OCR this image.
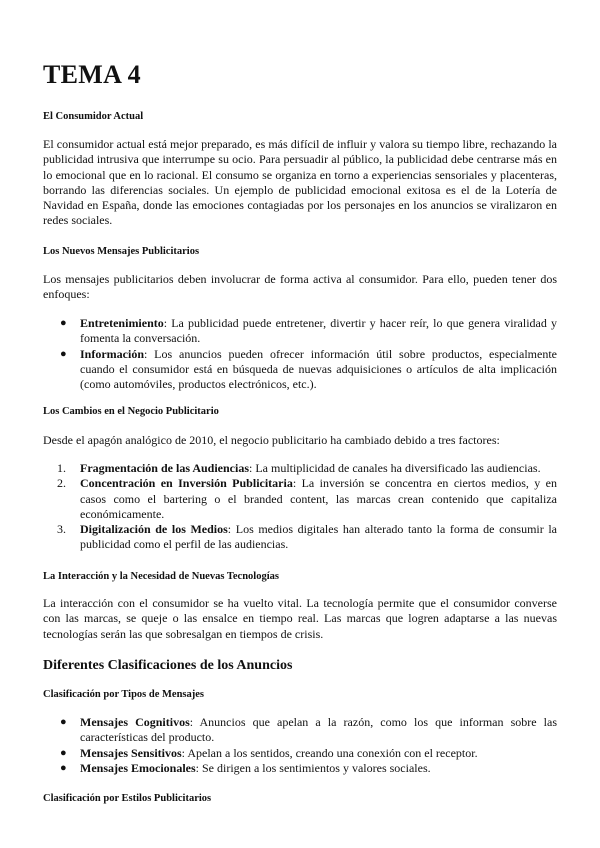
TEMA 4

El Consumidor Actual

El consumidor actual está mejor preparado, es más difícil de influir y valora su tiempo libre, rechazando la publicidad intrusiva que interrumpe su ocio. Para persuadir al público, la publicidad debe centrarse más en lo emocional que en lo racional. El consumo se organiza en torno a experiencias sensoriales y placenteras, borrando las diferencias sociales. Un ejemplo de publicidad emocional exitosa es el de la Lotería de Navidad en España, donde las emociones contagiadas por los personajes en los anuncios se viralizaron en redes sociales.

Los Nuevos Mensajes Publicitarios

Los mensajes publicitarios deben involucrar de forma activa al consumidor. Para ello, pueden tener dos enfoques:

● Entretenimiento: La publicidad puede entretener, divertir y hacer reír, lo que genera viralidad y fomenta la conversación.
● Información: Los anuncios pueden ofrecer información útil sobre productos, especialmente cuando el consumidor está en búsqueda de nuevas adquisiciones o artículos de alta implicación (como automóviles, productos electrónicos, etc.).

Los Cambios en el Negocio Publicitario

Desde el apagón analógico de 2010, el negocio publicitario ha cambiado debido a tres factores:

1. Fragmentación de las Audiencias: La multiplicidad de canales ha diversificado las audiencias.
2. Concentración en Inversión Publicitaria: La inversión se concentra en ciertos medios, y en casos como el bartering o el branded content, las marcas crean contenido que capitaliza económicamente.
3. Digitalización de los Medios: Los medios digitales han alterado tanto la forma de consumir la publicidad como el perfil de las audiencias.

La Interacción y la Necesidad de Nuevas Tecnologías

La interacción con el consumidor se ha vuelto vital. La tecnología permite que el consumidor converse con las marcas, se queje o las ensalce en tiempo real. Las marcas que logren adaptarse a las nuevas tecnologías serán las que sobresalgan en tiempos de crisis.

Diferentes Clasificaciones de los Anuncios

Clasificación por Tipos de Mensajes

● Mensajes Cognitivos: Anuncios que apelan a la razón, como los que informan sobre las características del producto.
● Mensajes Sensitivos: Apelan a los sentidos, creando una conexión con el receptor.
● Mensajes Emocionales: Se dirigen a los sentimientos y valores sociales.

Clasificación por Estilos Publicitarios
